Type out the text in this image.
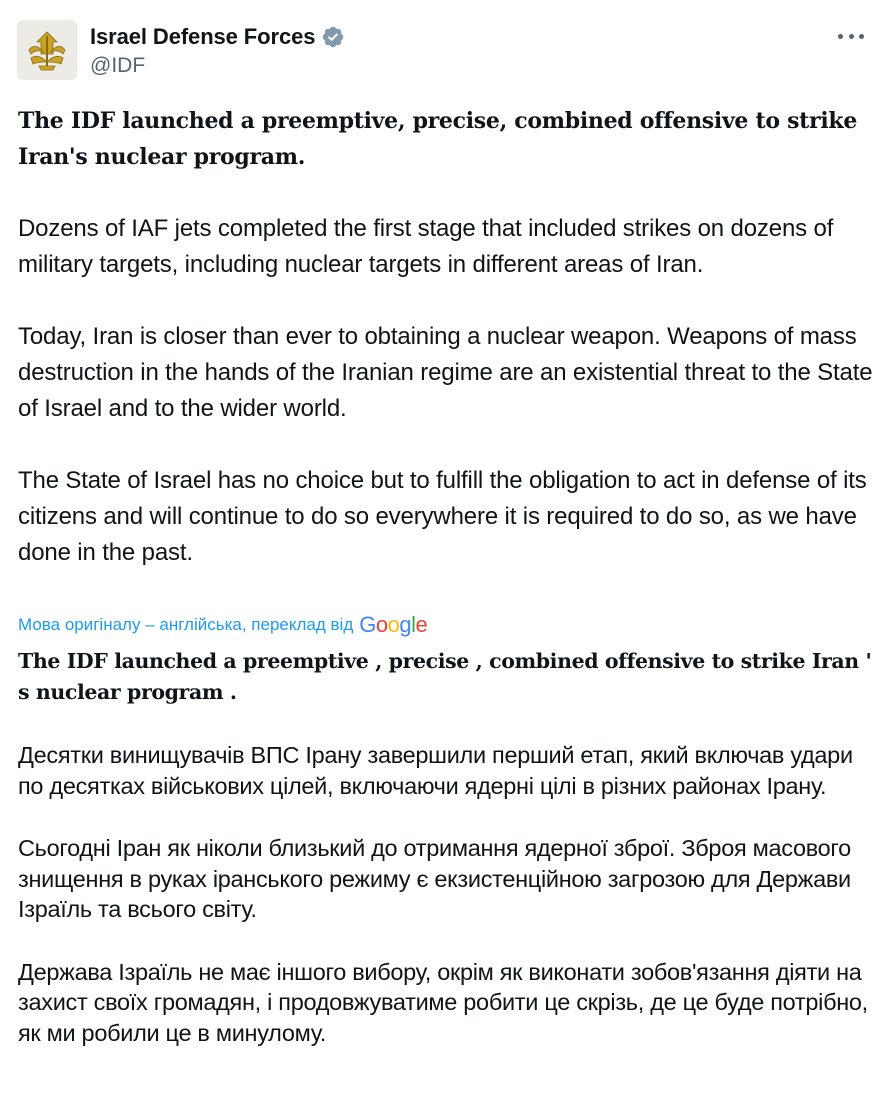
Israel Defense Forces
@IDF

The IDF launched a preemptive, precise, combined offensive to strike Iran's nuclear program.

Dozens of IAF jets completed the first stage that included strikes on dozens of military targets, including nuclear targets in different areas of Iran.

Today, Iran is closer than ever to obtaining a nuclear weapon. Weapons of mass destruction in the hands of the Iranian regime are an existential threat to the State of Israel and to the wider world.

The State of Israel has no choice but to fulfill the obligation to act in defense of its citizens and will continue to do so everywhere it is required to do so, as we have done in the past.

Мова оригіналу – англійська, переклад від Google

The IDF launched a preemptive , precise , combined offensive to strike Iran ' s nuclear program .

Десятки винищувачів ВПС Ірану завершили перший етап, який включав удари по десятках військових цілей, включаючи ядерні цілі в різних районах Ірану.

Сьогодні Іран як ніколи близький до отримання ядерної зброї. Зброя масового знищення в руках іранського режиму є екзистенційною загрозою для Держави Ізраїль та всього світу.

Держава Ізраїль не має іншого вибору, окрім як виконати зобов'язання діяти на захист своїх громадян, і продовжуватиме робити це скрізь, де це буде потрібно, як ми робили це в минулому.
